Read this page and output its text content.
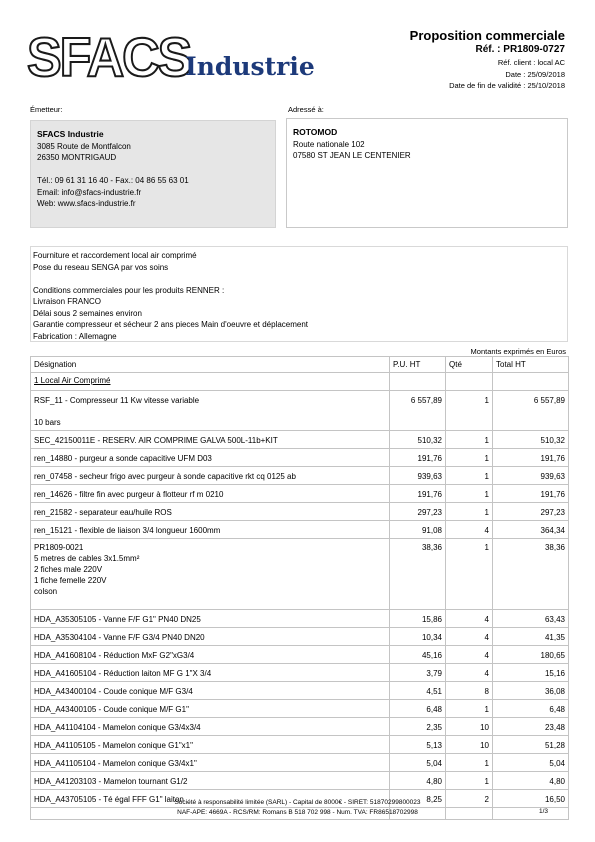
SFACS
Industrie
Proposition commerciale
Réf. : PR1809-0727
Réf. client : local AC
Date : 25/09/2018
Date de fin de validité : 25/10/2018
Émetteur:
SFACS Industrie
3085 Route de Montfalcon
26350 MONTRIGAUD
Tél.: 09 61 31 16 40 - Fax.: 04 86 55 63 01
Email: info@sfacs-industrie.fr
Web: www.sfacs-industrie.fr
Adressé à:
ROTOMOD
Route nationale 102
07580 ST JEAN LE CENTENIER
Fourniture et raccordement local air comprimé
Pose du reseau SENGA par vos soins
Conditions commerciales pour les produits RENNER :
Livraison FRANCO
Délai sous 2 semaines environ
Garantie compresseur et sécheur 2 ans pieces Main d'oeuvre et déplacement
Fabrication : Allemagne
Montants exprimés en Euros
Désignation	P.U. HT	Qté	Total HT
1 Local Air Comprimé			

RSF_11 - Compresseur 11 Kw vitesse variable
10 bars	6 557,89	1	6 557,89
SEC_42150011E - RESERV. AIR COMPRIME GALVA 500L-11b+KIT	510,32	1	510,32
ren_14880 - purgeur a sonde capacitive UFM D03	191,76	1	191,76
ren_07458 - secheur frigo avec purgeur à sonde capacitive rkt cq 0125 ab	939,63	1	939,63
ren_14626 - filtre fin avec purgeur à flotteur rf m 0210	191,76	1	191,76
ren_21582 - separateur eau/huile ROS	297,23	1	297,23
ren_15121 - flexible de liaison 3/4 longueur 1600mm	91,08	4	364,34

PR1809-0021
5 metres de cables 3x1.5mm²
2 fiches male 220V
1 fiche femelle 220V
colson	38,36	1	38,36
HDA_A35305105 - Vanne F/F G1" PN40 DN25	15,86	4	63,43
HDA_A35304104 - Vanne F/F G3/4 PN40 DN20	10,34	4	41,35
HDA_A41608104 - Réduction MxF G2"xG3/4	45,16	4	180,65
HDA_A41605104 - Réduction laiton MF G 1"X 3/4	3,79	4	15,16
HDA_A43400104 - Coude conique M/F G3/4	4,51	8	36,08
HDA_A43400105 - Coude conique M/F G1"	6,48	1	6,48
HDA_A41104104 - Mamelon conique G3/4x3/4	2,35	10	23,48
HDA_A41105105 - Mamelon conique G1"x1"	5,13	10	51,28
HDA_A41105104 - Mamelon conique G3/4x1"	5,04	1	5,04
HDA_A41203103 - Mamelon tournant G1/2	4,80	1	4,80
HDA_A43705105 - Té égal FFF G1" laiton	8,25	2	16,50

Société à responsabilité limitée (SARL) - Capital de 8000€ - SIRET: 51870299800023
NAF-APE: 4669A - RCS/RM: Romans B 518 702 998 - Num. TVA: FR86518702998	1/3
